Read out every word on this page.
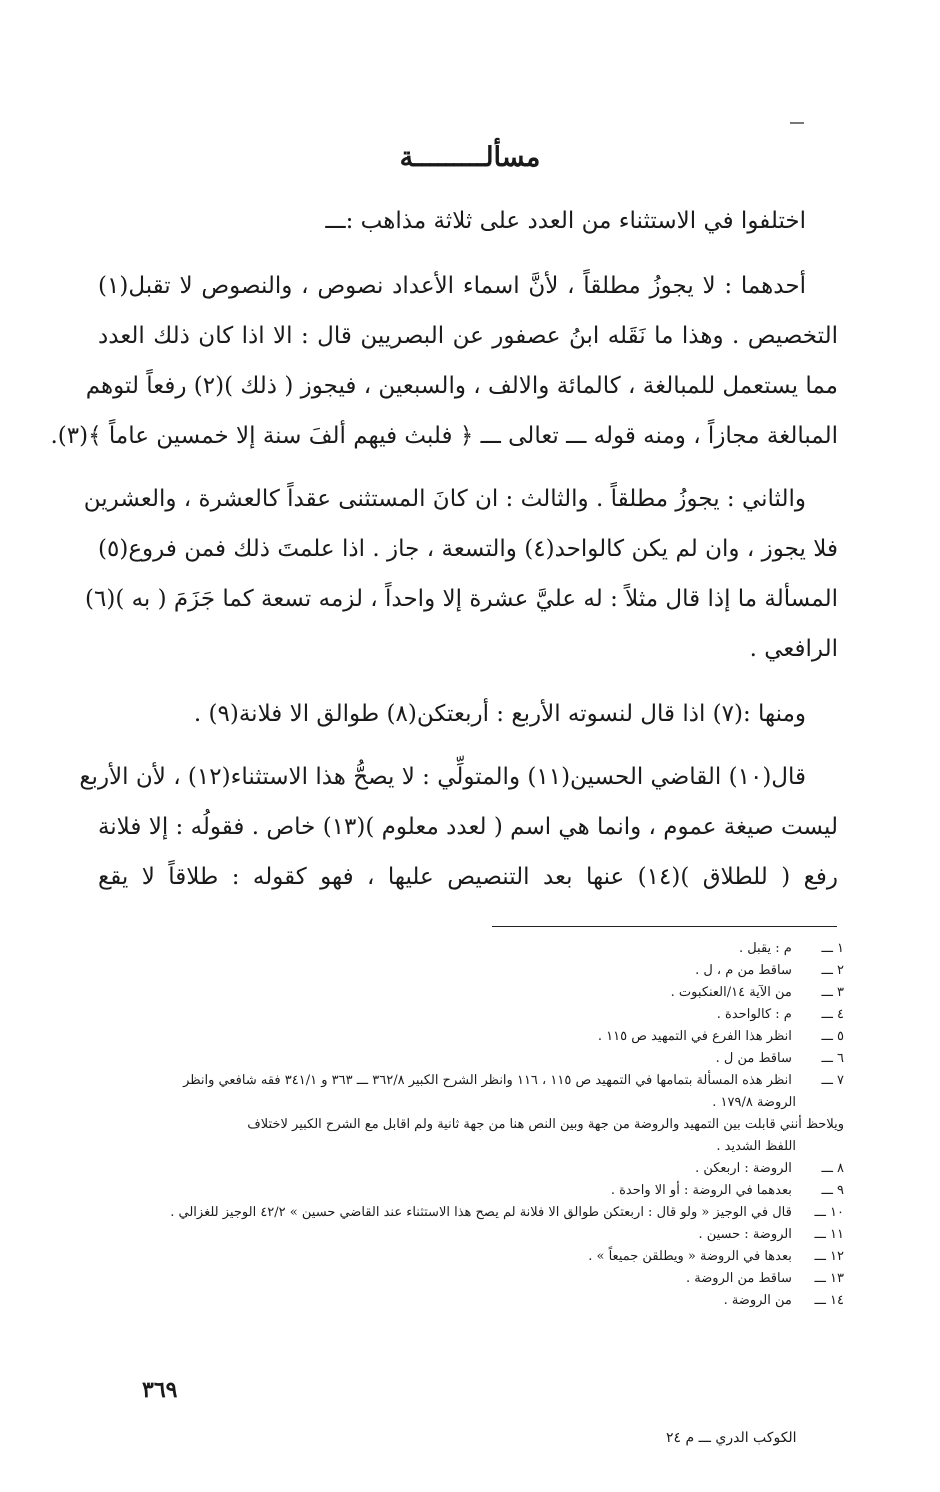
مسألـــــــــة
اختلفوا في الاستثناء من العدد على ثلاثة مذاهب :ـــ
أحدهما : لا يجوزُ مطلقاً ، لأنَّ اسماء الأعداد نصوص ، والنصوص لا تقبل(١)
التخصيص . وهذا ما نَقَله ابنُ عصفور عن البصريين قال : الا اذا كان ذلك العدد
مما يستعمل للمبالغة ، كالمائة والالف ، والسبعين ، فيجوز ( ذلك )(٢) رفعاً لتوهم
المبالغة مجازاً ، ومنه قوله ـــ تعالى ـــ ﴿ فلبث فيهم ألفَ سنة إلا خمسين عاماً ﴾(٣).
والثاني : يجوزُ مطلقاً . والثالث : ان كانَ المستثنى عقداً كالعشرة ، والعشرين
فلا يجوز ، وان لم يكن كالواحد(٤) والتسعة ، جاز . اذا علمتَ ذلك فمن فروع(٥)
المسألة ما إذا قال مثلاً : له عليَّ عشرة إلا واحداً ، لزمه تسعة كما جَزَمَ ( به )(٦)
الرافعي .
ومنها :(٧) اذا قال لنسوته الأربع : أربعتكن(٨) طوالق الا فلانة(٩) .
قال(١٠) القاضي الحسين(١١) والمتولِّي : لا يصحُّ هذا الاستثناء(١٢) ، لأن الأربع
ليست صيغة عموم ، وانما هي اسم ( لعدد معلوم )(١٣) خاص . فقولُه : إلا فلانة
رفع ( للطلاق )(١٤) عنها بعد التنصيص عليها ، فهو كقوله : طلاقاً لا يقع
١ ـــ م : يقبل .
٢ ـــ ساقط من م ، ل .
٣ ـــ من الآية ١٤/العنكبوت .
٤ ـــ م : كالواحدة .
٥ ـــ انظر هذا الفرع في التمهيد ص ١١٥ .
٦ ـــ ساقط من ل .
٧ ـــ انظر هذه المسألة بتمامها في التمهيد ص ١١٥ ، ١١٦ وانظر الشرح الكبير ٣٦٢/٨ ـــ ٣٦٣ و ٣٤١/١ فقه شافعي وانظر
الروضة ١٧٩/٨ .
ويلاحظ أنني قابلت بين التمهيد والروضة من جهة وبين النص هنا من جهة ثانية ولم اقابل مع الشرح الكبير لاختلاف
اللفظ الشديد .
٨ ـــ الروضة : اربعكن .
٩ ـــ بعدهما في الروضة : أو الا واحدة .
١٠ ـــ قال في الوجيز « ولو قال : اربعتكن طوالق الا فلانة لم يصح هذا الاستثناء عند القاضي حسين » ٤٢/٢ الوجيز للغزالي .
١١ ـــ الروضة : حسين .
١٢ ـــ بعدها في الروضة « ويطلقن جميعاً » .
١٣ ـــ ساقط من الروضة .
١٤ ـــ من الروضة .
٣٦٩
الكوكب الدري ـــ م ٢٤
